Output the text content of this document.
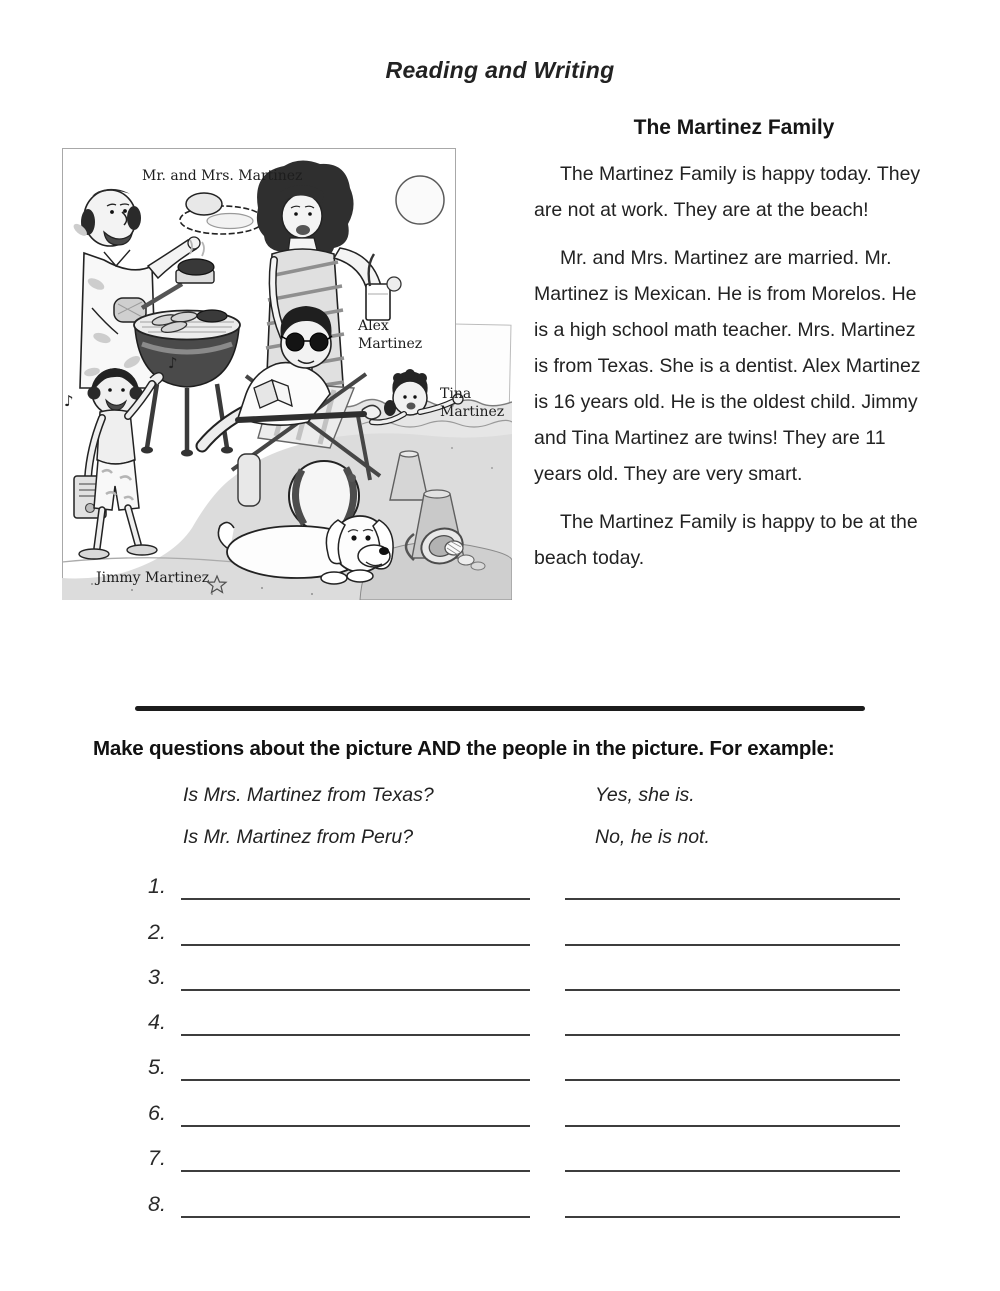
Reading and Writing
♪
♪
Mr. and Mrs. Martinez
Alex
Martinez
Tina
Martinez
Jimmy Martinez
The Martinez Family

The Martinez Family is happy today. They are not at work. They are at the beach!

Mr. and Mrs. Martinez are married. Mr. Martinez is Mexican. He is from Morelos. He is a high school math teacher. Mrs. Martinez is from Texas. She is a dentist. Alex Martinez is 16 years old. He is the oldest child. Jimmy and Tina Martinez are twins! They are 11 years old. They are very smart.

The Martinez Family is happy to be at the beach today.

Make questions about the picture AND the people in the picture. For example:
Is Mrs. Martinez from Texas?	Yes, she is.
Is Mr. Martinez from Peru?	No, he is not.
1.
2.
3.
4.
5.
6.
7.
8.
